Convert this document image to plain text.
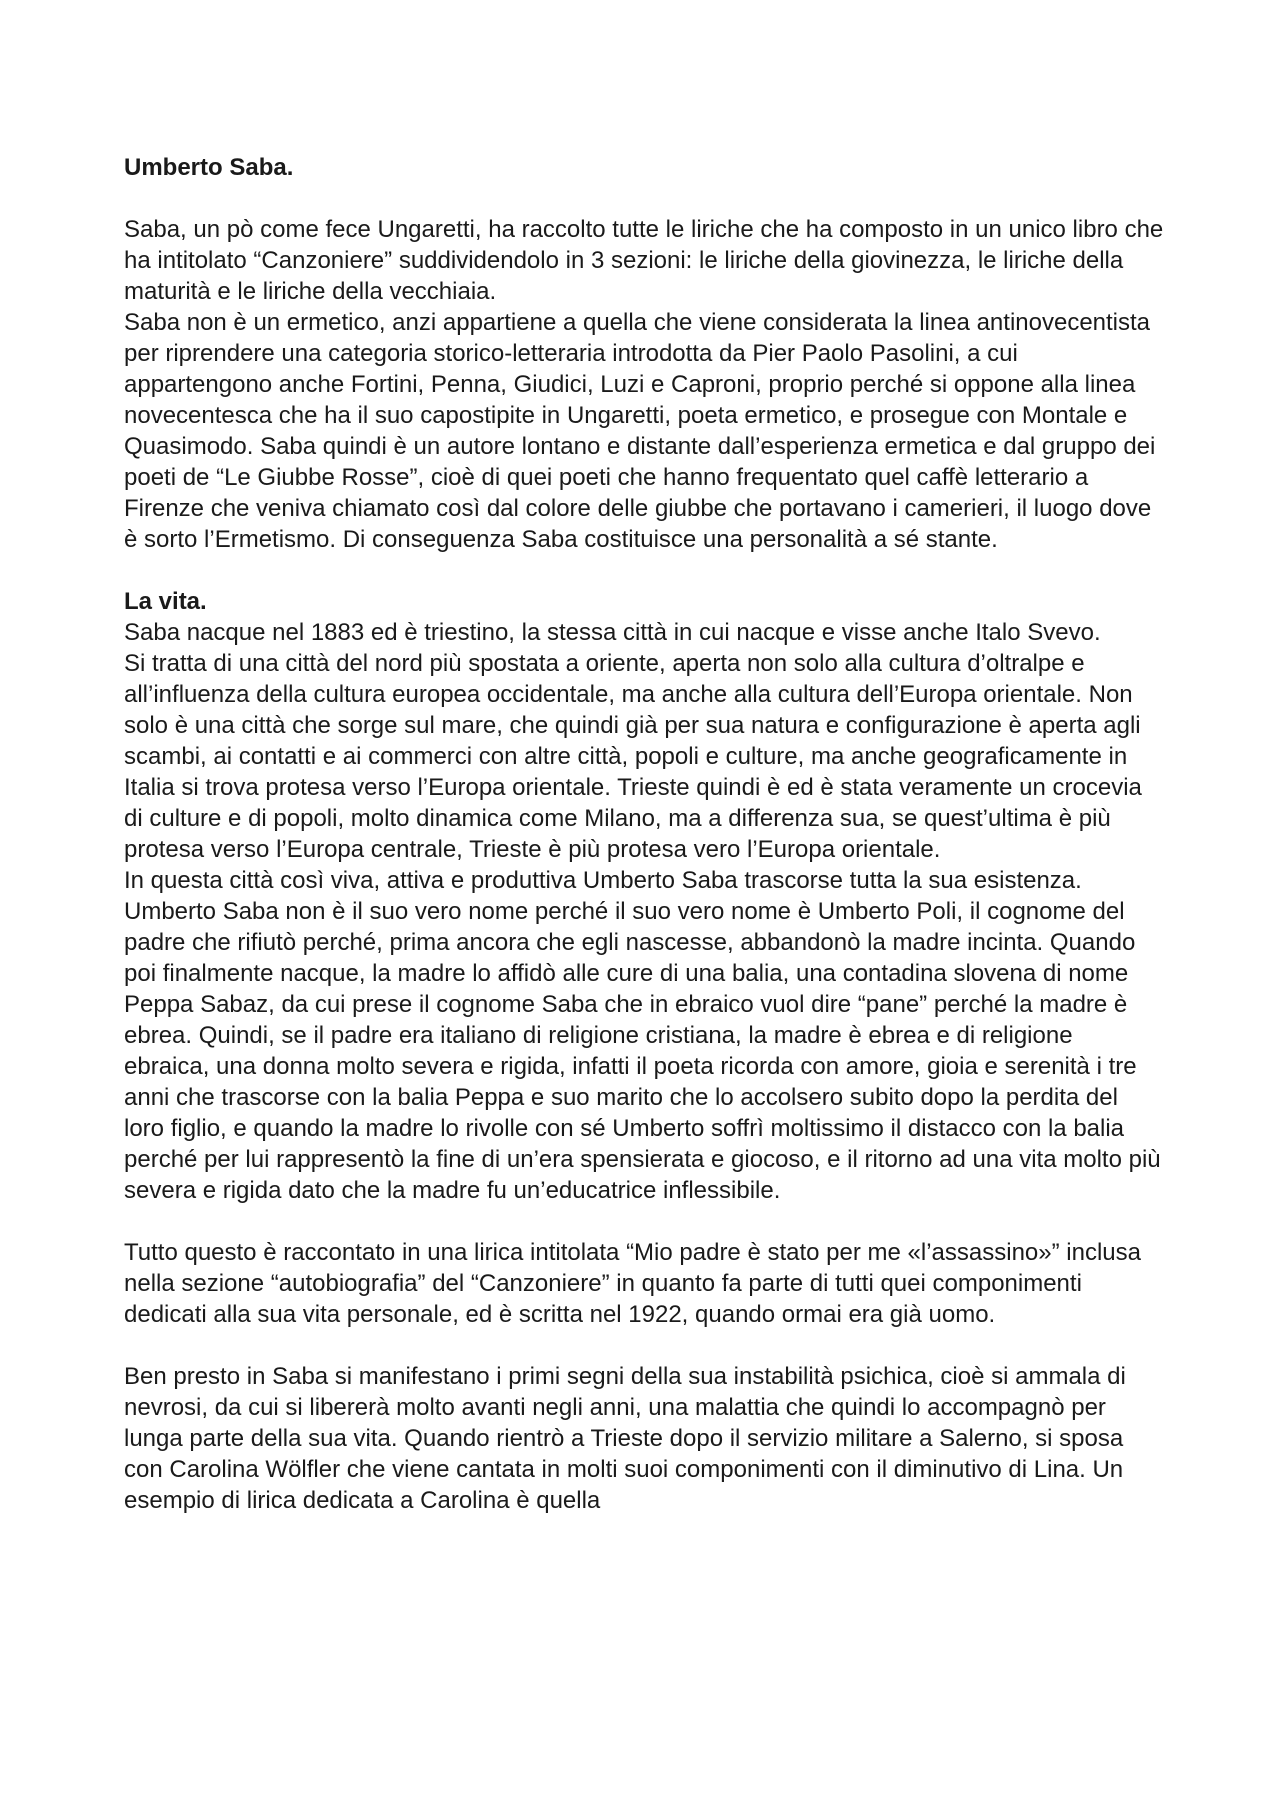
Umberto Saba.

Saba, un pò come fece Ungaretti, ha raccolto tutte le liriche che ha composto in un unico libro che ha intitolato “Canzoniere” suddividendolo in 3 sezioni: le liriche della giovinezza, le liriche della maturità e le liriche della vecchiaia.

Saba non è un ermetico, anzi appartiene a quella che viene considerata la linea antinovecentista per riprendere una categoria storico-letteraria introdotta da Pier Paolo Pasolini, a cui appartengono anche Fortini, Penna, Giudici, Luzi e Caproni, proprio perché si oppone alla linea novecentesca che ha il suo capostipite in Ungaretti, poeta ermetico, e prosegue con Montale e Quasimodo. Saba quindi è un autore lontano e distante dall’esperienza ermetica e dal gruppo dei poeti de “Le Giubbe Rosse”, cioè di quei poeti che hanno frequentato quel caffè letterario a Firenze che veniva chiamato così dal colore delle giubbe che portavano i camerieri, il luogo dove è sorto l’Ermetismo. Di conseguenza Saba costituisce una personalità a sé stante.

La vita.

Saba nacque nel 1883 ed è triestino, la stessa città in cui nacque e visse anche Italo Svevo.

Si tratta di una città del nord più spostata a oriente, aperta non solo alla cultura d’oltralpe e all’influenza della cultura europea occidentale, ma anche alla cultura dell’Europa orientale. Non solo è una città che sorge sul mare, che quindi già per sua natura e configurazione è aperta agli scambi, ai contatti e ai commerci con altre città, popoli e culture, ma anche geograficamente in Italia si trova protesa verso l’Europa orientale. Trieste quindi è ed è stata veramente un crocevia di culture e di popoli, molto dinamica come Milano, ma a differenza sua, se quest’ultima è più protesa verso l’Europa centrale, Trieste è più protesa vero l’Europa orientale.

In questa città così viva, attiva e produttiva Umberto Saba trascorse tutta la sua esistenza. Umberto Saba non è il suo vero nome perché il suo vero nome è Umberto Poli, il cognome del padre che rifiutò perché, prima ancora che egli nascesse, abbandonò la madre incinta. Quando poi finalmente nacque, la madre lo affidò alle cure di una balia, una contadina slovena di nome Peppa Sabaz, da cui prese il cognome Saba che in ebraico vuol dire “pane” perché la madre è ebrea. Quindi, se il padre era italiano di religione cristiana, la madre è ebrea e di religione ebraica, una donna molto severa e rigida, infatti il poeta ricorda con amore, gioia e serenità i tre anni che trascorse con la balia Peppa e suo marito che lo accolsero subito dopo la perdita del loro figlio, e quando la madre lo rivolle con sé Umberto soffrì moltissimo il distacco con la balia perché per lui rappresentò la fine di un’era spensierata e giocoso, e il ritorno ad una vita molto più severa e rigida dato che la madre fu un’educatrice inflessibile.

Tutto questo è raccontato in una lirica intitolata “Mio padre è stato per me «l’assassino»” inclusa nella sezione “autobiografia” del “Canzoniere” in quanto fa parte di tutti quei componimenti dedicati alla sua vita personale, ed è scritta nel 1922, quando ormai era già uomo.

Ben presto in Saba si manifestano i primi segni della sua instabilità psichica, cioè si ammala di nevrosi, da cui si libererà molto avanti negli anni, una malattia che quindi lo accompagnò per lunga parte della sua vita. Quando rientrò a Trieste dopo il servizio militare a Salerno, si sposa con Carolina Wölfler che viene cantata in molti suoi componimenti con il diminutivo di Lina. Un esempio di lirica dedicata a Carolina è quella
